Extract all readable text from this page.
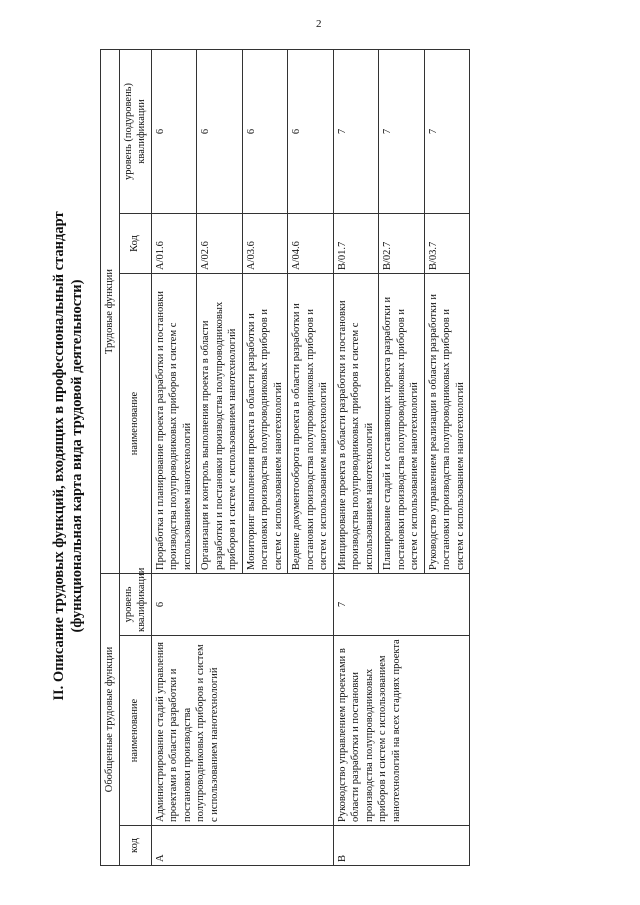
2
II. Описание трудовых функций, входящих в профессиональный стандарт (функциональная карта вида трудовой деятельности)
Обобщенные трудовые функции			Трудовые функции		
код	наименование	уровень квалификации	наименование	Код	уровень (подуровень) квалификации
A	Администрирование стадий управления проектами в области разработки и постановки производства полупроводниковых приборов и систем с использованием нанотехнологий	6	Проработка и планирование проекта разработки и постановки производства полупроводниковых приборов и систем с использованием нанотехнологий	A/01.6	6
			Организация и контроль выполнения проекта в области разработки и постановки производства полупроводниковых приборов и систем с использованием нанотехнологий	A/02.6	6
			Мониторинг выполнения проекта в области разработки и постановки производства полупроводниковых приборов и систем с использованием нанотехнологий	A/03.6	6
			Ведение документооборота проекта в области разработки и постановки производства полупроводниковых приборов и систем с использованием нанотехнологий	A/04.6	6
B	Руководство управлением проектами в области разработки и постановки производства полупроводниковых приборов и систем с использованием нанотехнологий на всех стадиях проекта	7	Инициирование проекта в области разработки и постановки производства полупроводниковых приборов и систем с использованием нанотехнологий	B/01.7	7
			Планирование стадий и составляющих проекта разработки и постановки производства полупроводниковых приборов и систем с использованием нанотехнологий	B/02.7	7
			Руководство управлением реализации в области разработки и постановки производства полупроводниковых приборов и систем с использованием нанотехнологий	B/03.7	7
